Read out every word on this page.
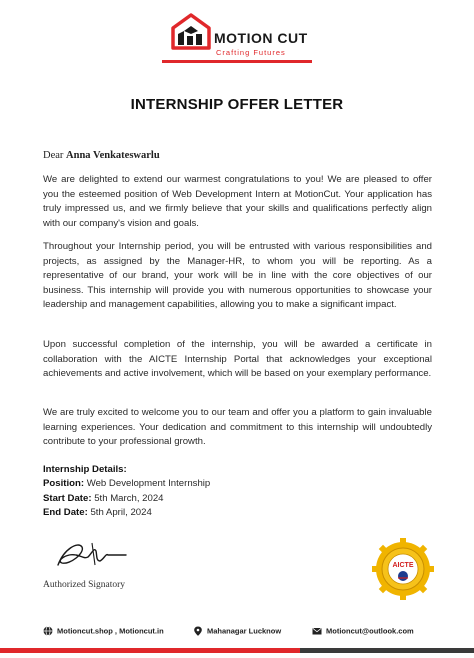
MOTION CUT
Crafting Futures
INTERNSHIP OFFER LETTER
Dear Anna Venkateswarlu
We are delighted to extend our warmest congratulations to you! We are pleased to offer you the esteemed position of Web Development Intern at MotionCut. Your application has truly impressed us, and we firmly believe that your skills and qualifications perfectly align with our company's vision and goals.
Throughout your Internship period, you will be entrusted with various responsibilities and projects, as assigned by the Manager-HR, to whom you will be reporting. As a representative of our brand, your work will be in line with the core objectives of our business. This internship will provide you with numerous opportunities to showcase your leadership and management capabilities, allowing you to make a significant impact.
Upon successful completion of the internship, you will be awarded a certificate in collaboration with the AICTE Internship Portal that acknowledges your exceptional achievements and active involvement, which will be based on your exemplary performance.
We are truly excited to welcome you to our team and offer you a platform to gain invaluable learning experiences. Your dedication and commitment to this internship will undoubtedly contribute to your professional growth.
Internship Details:
Position: Web Development Internship
Start Date: 5th March, 2024
End Date: 5th April, 2024
Authorized Signatory
AICTE
Motioncut.shop , Motioncut.in	Mahanagar Lucknow	Motioncut@outlook.com
